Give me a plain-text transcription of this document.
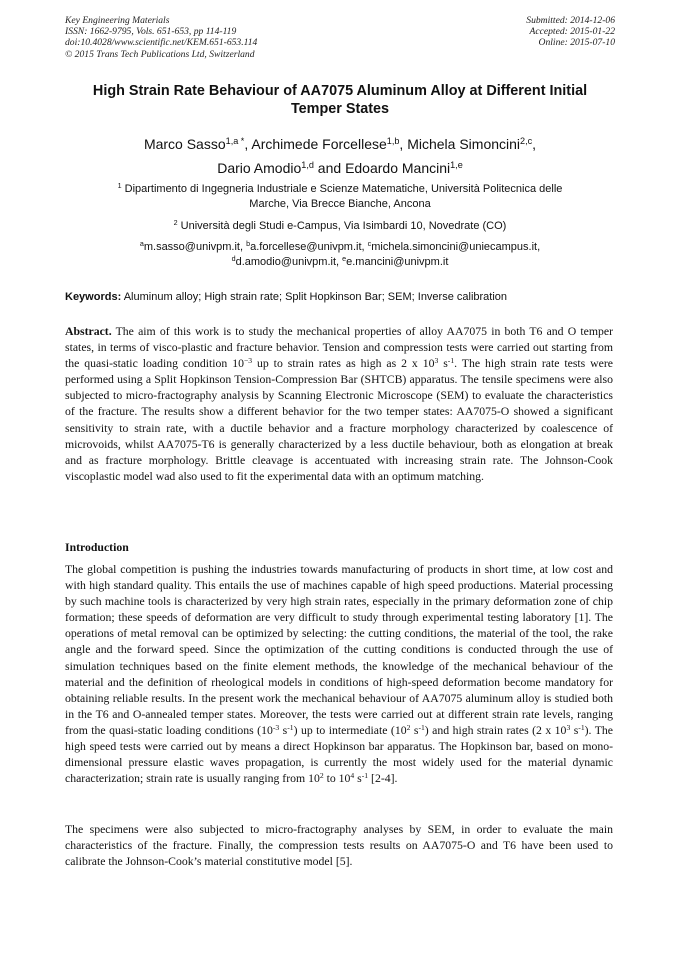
Key Engineering Materials
ISSN: 1662-9795, Vols. 651-653, pp 114-119
doi:10.4028/www.scientific.net/KEM.651-653.114
© 2015 Trans Tech Publications Ltd, Switzerland
Submitted: 2014-12-06
Accepted: 2015-01-22
Online: 2015-07-10
High Strain Rate Behaviour of AA7075 Aluminum Alloy at Different Initial
Temper States
Marco Sasso$^{1,a *}$, Archimede Forcellese$^{1,b}$, Michela Simoncini$^{2,c}$,
Dario Amodio$^{1,d}$ and Edoardo Mancini$^{1,e}$
$^1$ Dipartimento di Ingegneria Industriale e Scienze Matematiche, Università Politecnica delle
Marche, Via Brecce Bianche, Ancona
$^2$ Università degli Studi e-Campus, Via Isimbardi 10, Novedrate (CO)
$^a$m.sasso@univpm.it, $^b$a.forcellese@univpm.it, $^c$michela.simoncini@uniecampus.it,
$^d$d.amodio@univpm.it, $^e$e.mancini@univpm.it
Keywords: Aluminum alloy; High strain rate; Split Hopkinson Bar; SEM; Inverse calibration
Abstract. The aim of this work is to study the mechanical properties of alloy AA7075 in both T6 and O temper states, in terms of visco-plastic and fracture behavior. Tension and compression tests were carried out starting from the quasi-static loading condition $10^{-3}$ up to strain rates as high as 2 x $10^3$ $s^{-1}$. The high strain rate tests were performed using a Split Hopkinson Tension-Compression Bar (SHTCB) apparatus. The tensile specimens were also subjected to micro-fractography analysis by Scanning Electronic Microscope (SEM) to evaluate the characteristics of the fracture. The results show a different behavior for the two temper states: AA7075-O showed a significant sensitivity to strain rate, with a ductile behavior and a fracture morphology characterized by coalescence of microvoids, whilst AA7075-T6 is generally characterized by a less ductile behaviour, both as elongation at break and as fracture morphology. Brittle cleavage is accentuated with increasing strain rate. The Johnson-Cook viscoplastic model wad also used to fit the experimental data with an optimum matching.
Introduction
The global competition is pushing the industries towards manufacturing of products in short time, at low cost and with high standard quality. This entails the use of machines capable of high speed productions. Material processing by such machine tools is characterized by very high strain rates, especially in the primary deformation zone of chip formation; these speeds of deformation are very difficult to study through experimental testing laboratory [1]. The operations of metal removal can be optimized by selecting: the cutting conditions, the material of the tool, the rake angle and the forward speed. Since the optimization of the cutting conditions is conducted through the use of simulation techniques based on the finite element methods, the knowledge of the mechanical behaviour of the material and the definition of rheological models in conditions of high-speed deformation become mandatory for obtaining reliable results. In the present work the mechanical behaviour of AA7075 aluminum alloy is studied both in the T6 and O-annealed temper states. Moreover, the tests were carried out at different strain rate levels, ranging from the quasi-static loading conditions ($10^{-3}$ $s^{-1}$) up to intermediate ($10^2$ $s^{-1}$) and high strain rates (2 x $10^3$ $s^{-1}$). The high speed tests were carried out by means a direct Hopkinson bar apparatus. The Hopkinson bar, based on mono-dimensional pressure elastic waves propagation, is currently the most widely used for the material dynamic characterization; strain rate is usually ranging from $10^2$ to $10^4$ $s^{-1}$ [2-4].
The specimens were also subjected to micro-fractography analyses by SEM, in order to evaluate the main characteristics of the fracture. Finally, the compression tests results on AA7075-O and T6 have been used to calibrate the Johnson-Cook’s material constitutive model [5].
